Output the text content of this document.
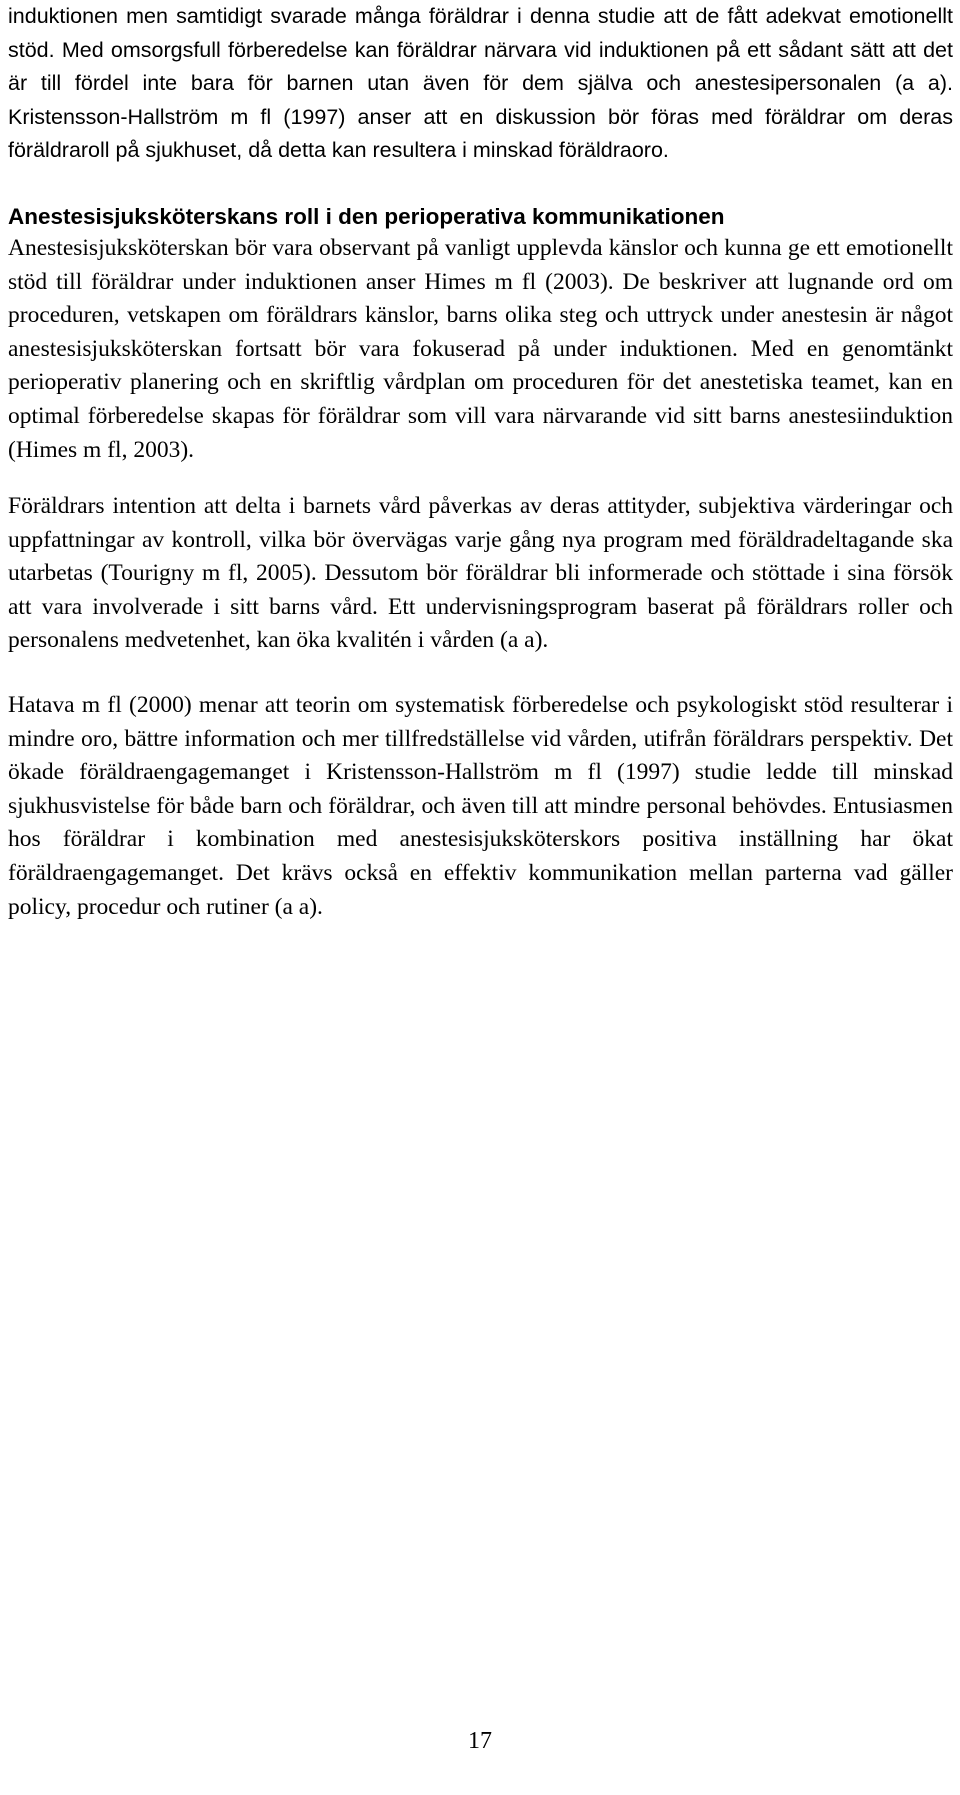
induktionen men samtidigt svarade många föräldrar i denna studie att de fått adekvat emotionellt stöd. Med omsorgsfull förberedelse kan föräldrar närvara vid induktionen på ett sådant sätt att det är till fördel inte bara för barnen utan även för dem själva och anestesipersonalen (a a). Kristensson-Hallström m fl (1997) anser att en diskussion bör föras med föräldrar om deras föräldraroll på sjukhuset, då detta kan resultera i minskad föräldraoro.

Anestesisjuksköterskans roll i den perioperativa kommunikationen

Anestesisjuksköterskan bör vara observant på vanligt upplevda känslor och kunna ge ett emotionellt stöd till föräldrar under induktionen anser Himes m fl (2003). De beskriver att lugnande ord om proceduren, vetskapen om föräldrars känslor, barns olika steg och uttryck under anestesin är något anestesisjuksköterskan fortsatt bör vara fokuserad på under induktionen. Med en genomtänkt perioperativ planering och en skriftlig vårdplan om proceduren för det anestetiska teamet, kan en optimal förberedelse skapas för föräldrar som vill vara närvarande vid sitt barns anestesiinduktion (Himes m fl, 2003).

Föräldrars intention att delta i barnets vård påverkas av deras attityder, subjektiva värderingar och uppfattningar av kontroll, vilka bör övervägas varje gång nya program med föräldradeltagande ska utarbetas (Tourigny m fl, 2005). Dessutom bör föräldrar bli informerade och stöttade i sina försök att vara involverade i sitt barns vård. Ett undervisningsprogram baserat på föräldrars roller och personalens medvetenhet, kan öka kvalitén i vården (a a).

Hatava m fl (2000) menar att teorin om systematisk förberedelse och psykologiskt stöd resulterar i mindre oro, bättre information och mer tillfredställelse vid vården, utifrån föräldrars perspektiv. Det ökade föräldraengagemanget i Kristensson-Hallström m fl (1997) studie ledde till minskad sjukhusvistelse för både barn och föräldrar, och även till att mindre personal behövdes. Entusiasmen hos föräldrar i kombination med anestesisjuksköterskors positiva inställning har ökat föräldraengagemanget. Det krävs också en effektiv kommunikation mellan parterna vad gäller policy, procedur och rutiner (a a).

17
